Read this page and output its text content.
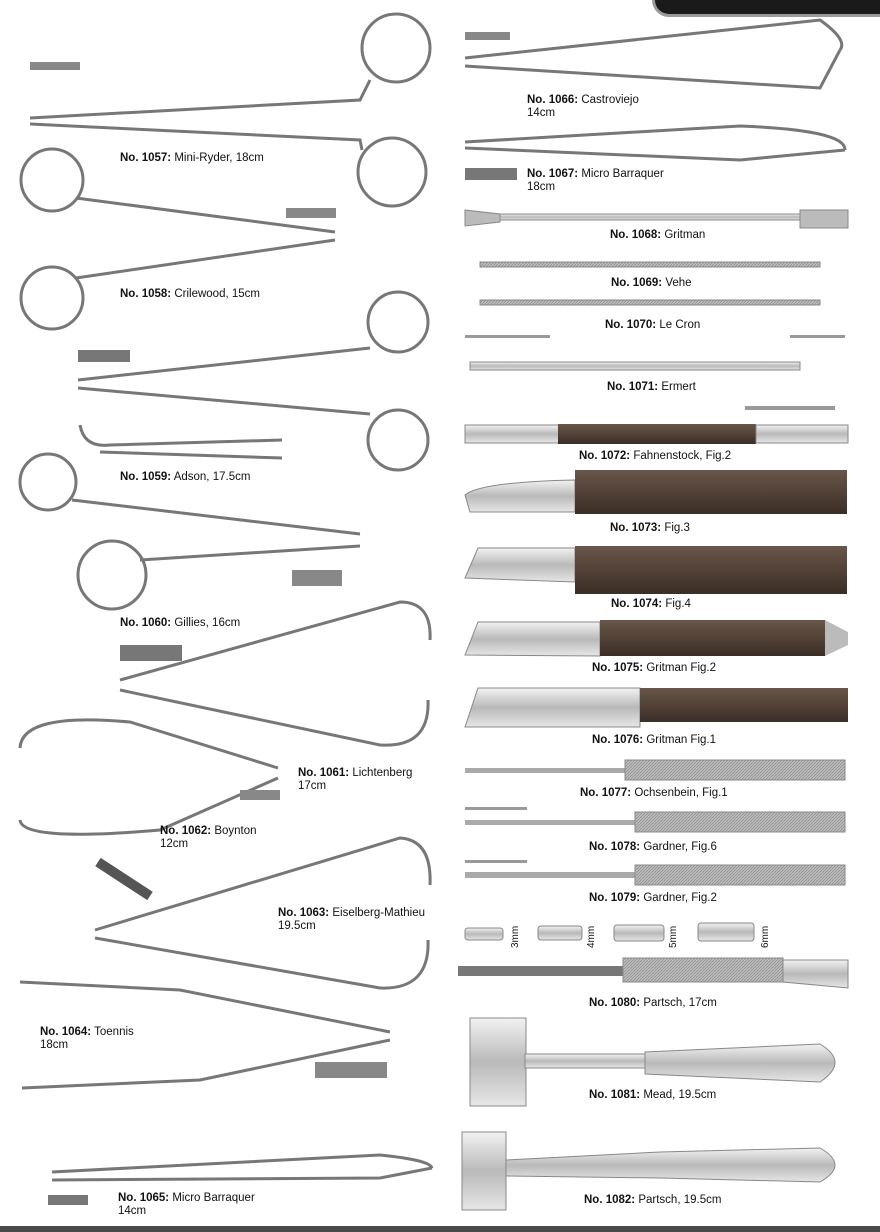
No. 1057: Mini-Ryder, 18cm
No. 1058: Crilewood, 15cm
No. 1059: Adson, 17.5cm
No. 1060: Gillies, 16cm
No. 1061: Lichtenberg
17cm
No. 1062: Boynton
12cm
No. 1063: Eiselberg-Mathieu
19.5cm
No. 1064: Toennis
18cm
No. 1065: Micro Barraquer
14cm
No. 1066: Castroviejo
14cm
No. 1067: Micro Barraquer
18cm
No. 1068: Gritman
No. 1069: Vehe
No. 1070: Le Cron
No. 1071: Ermert
No. 1072: Fahnenstock, Fig.2
No. 1073: Fig.3
No. 1074: Fig.4
No. 1075: Gritman Fig.2
No. 1076: Gritman Fig.1
No. 1077: Ochsenbein, Fig.1
No. 1078: Gardner, Fig.6
No. 1079: Gardner, Fig.2
No. 1080: Partsch, 17cm
No. 1081: Mead, 19.5cm
No. 1082: Partsch, 19.5cm
3mm	4mm	5mm	6mm
